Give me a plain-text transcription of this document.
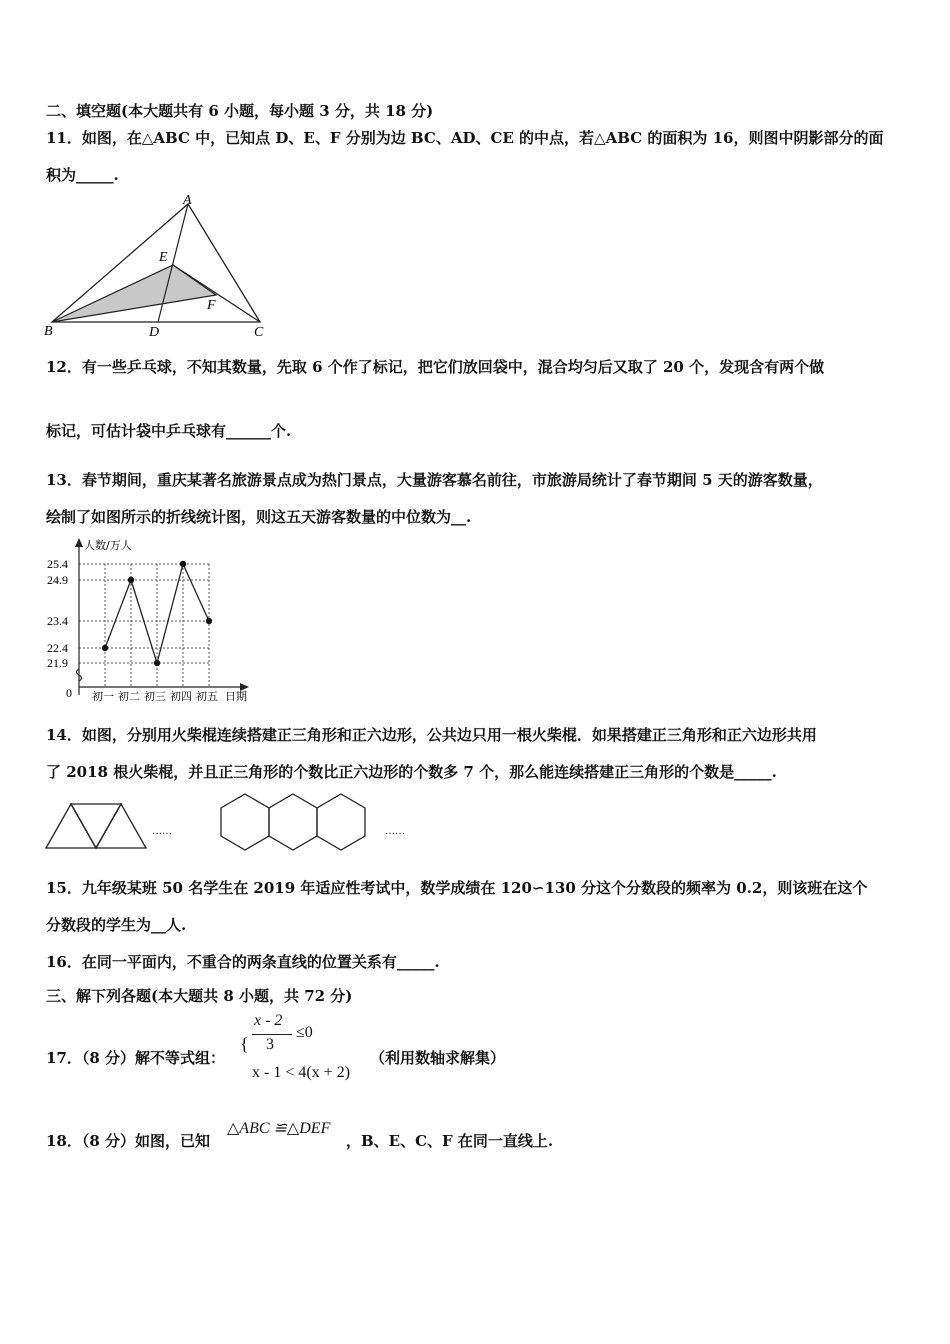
二、填空题(本大题共有 6 小题，每小题 3 分，共 18 分)
11．如图，在△ABC 中，已知点 D、E、F 分别为边 BC、AD、CE 的中点，若△ABC 的面积为 16，则图中阴影部分的面
积为_____.
A
B	C
D
E
F
12．有一些乒乓球，不知其数量，先取 6 个作了标记，把它们放回袋中，混合均匀后又取了 20 个，发现含有两个做
标记，可估计袋中乒乓球有______个.
13．春节期间，重庆某著名旅游景点成为热门景点，大量游客慕名前往，市旅游局统计了春节期间 5 天的游客数量，
绘制了如图所示的折线统计图，则这五天游客数量的中位数为__.
人数/万人
日期
0
25.4
24.9
23.4
22.4
21.9
初一 初二 初三 初四 初五
14．如图，分别用火柴棍连续搭建正三角形和正六边形，公共边只用一根火柴棍．如果搭建正三角形和正六边形共用
了 2018 根火柴棍，并且正三角形的个数比正六边形的个数多 7 个，那么能连续搭建正三角形的个数是_____.
……	……
15．九年级某班 50 名学生在 2019 年适应性考试中，数学成绩在 120∽130 分这个分数段的频率为 0.2，则该班在这个
分数段的学生为__人.
16．在同一平面内，不重合的两条直线的位置关系有_____.
三、解下列各题(本大题共 8 小题，共 72 分)
17．（8 分）解不等式组：
{
x - 2
3
≤0
x - 1 < 4(x + 2)
（利用数轴求解集）
18．（8 分）如图，已知
△ABC ≌△DEF
，B、E、C、F 在同一直线上.
